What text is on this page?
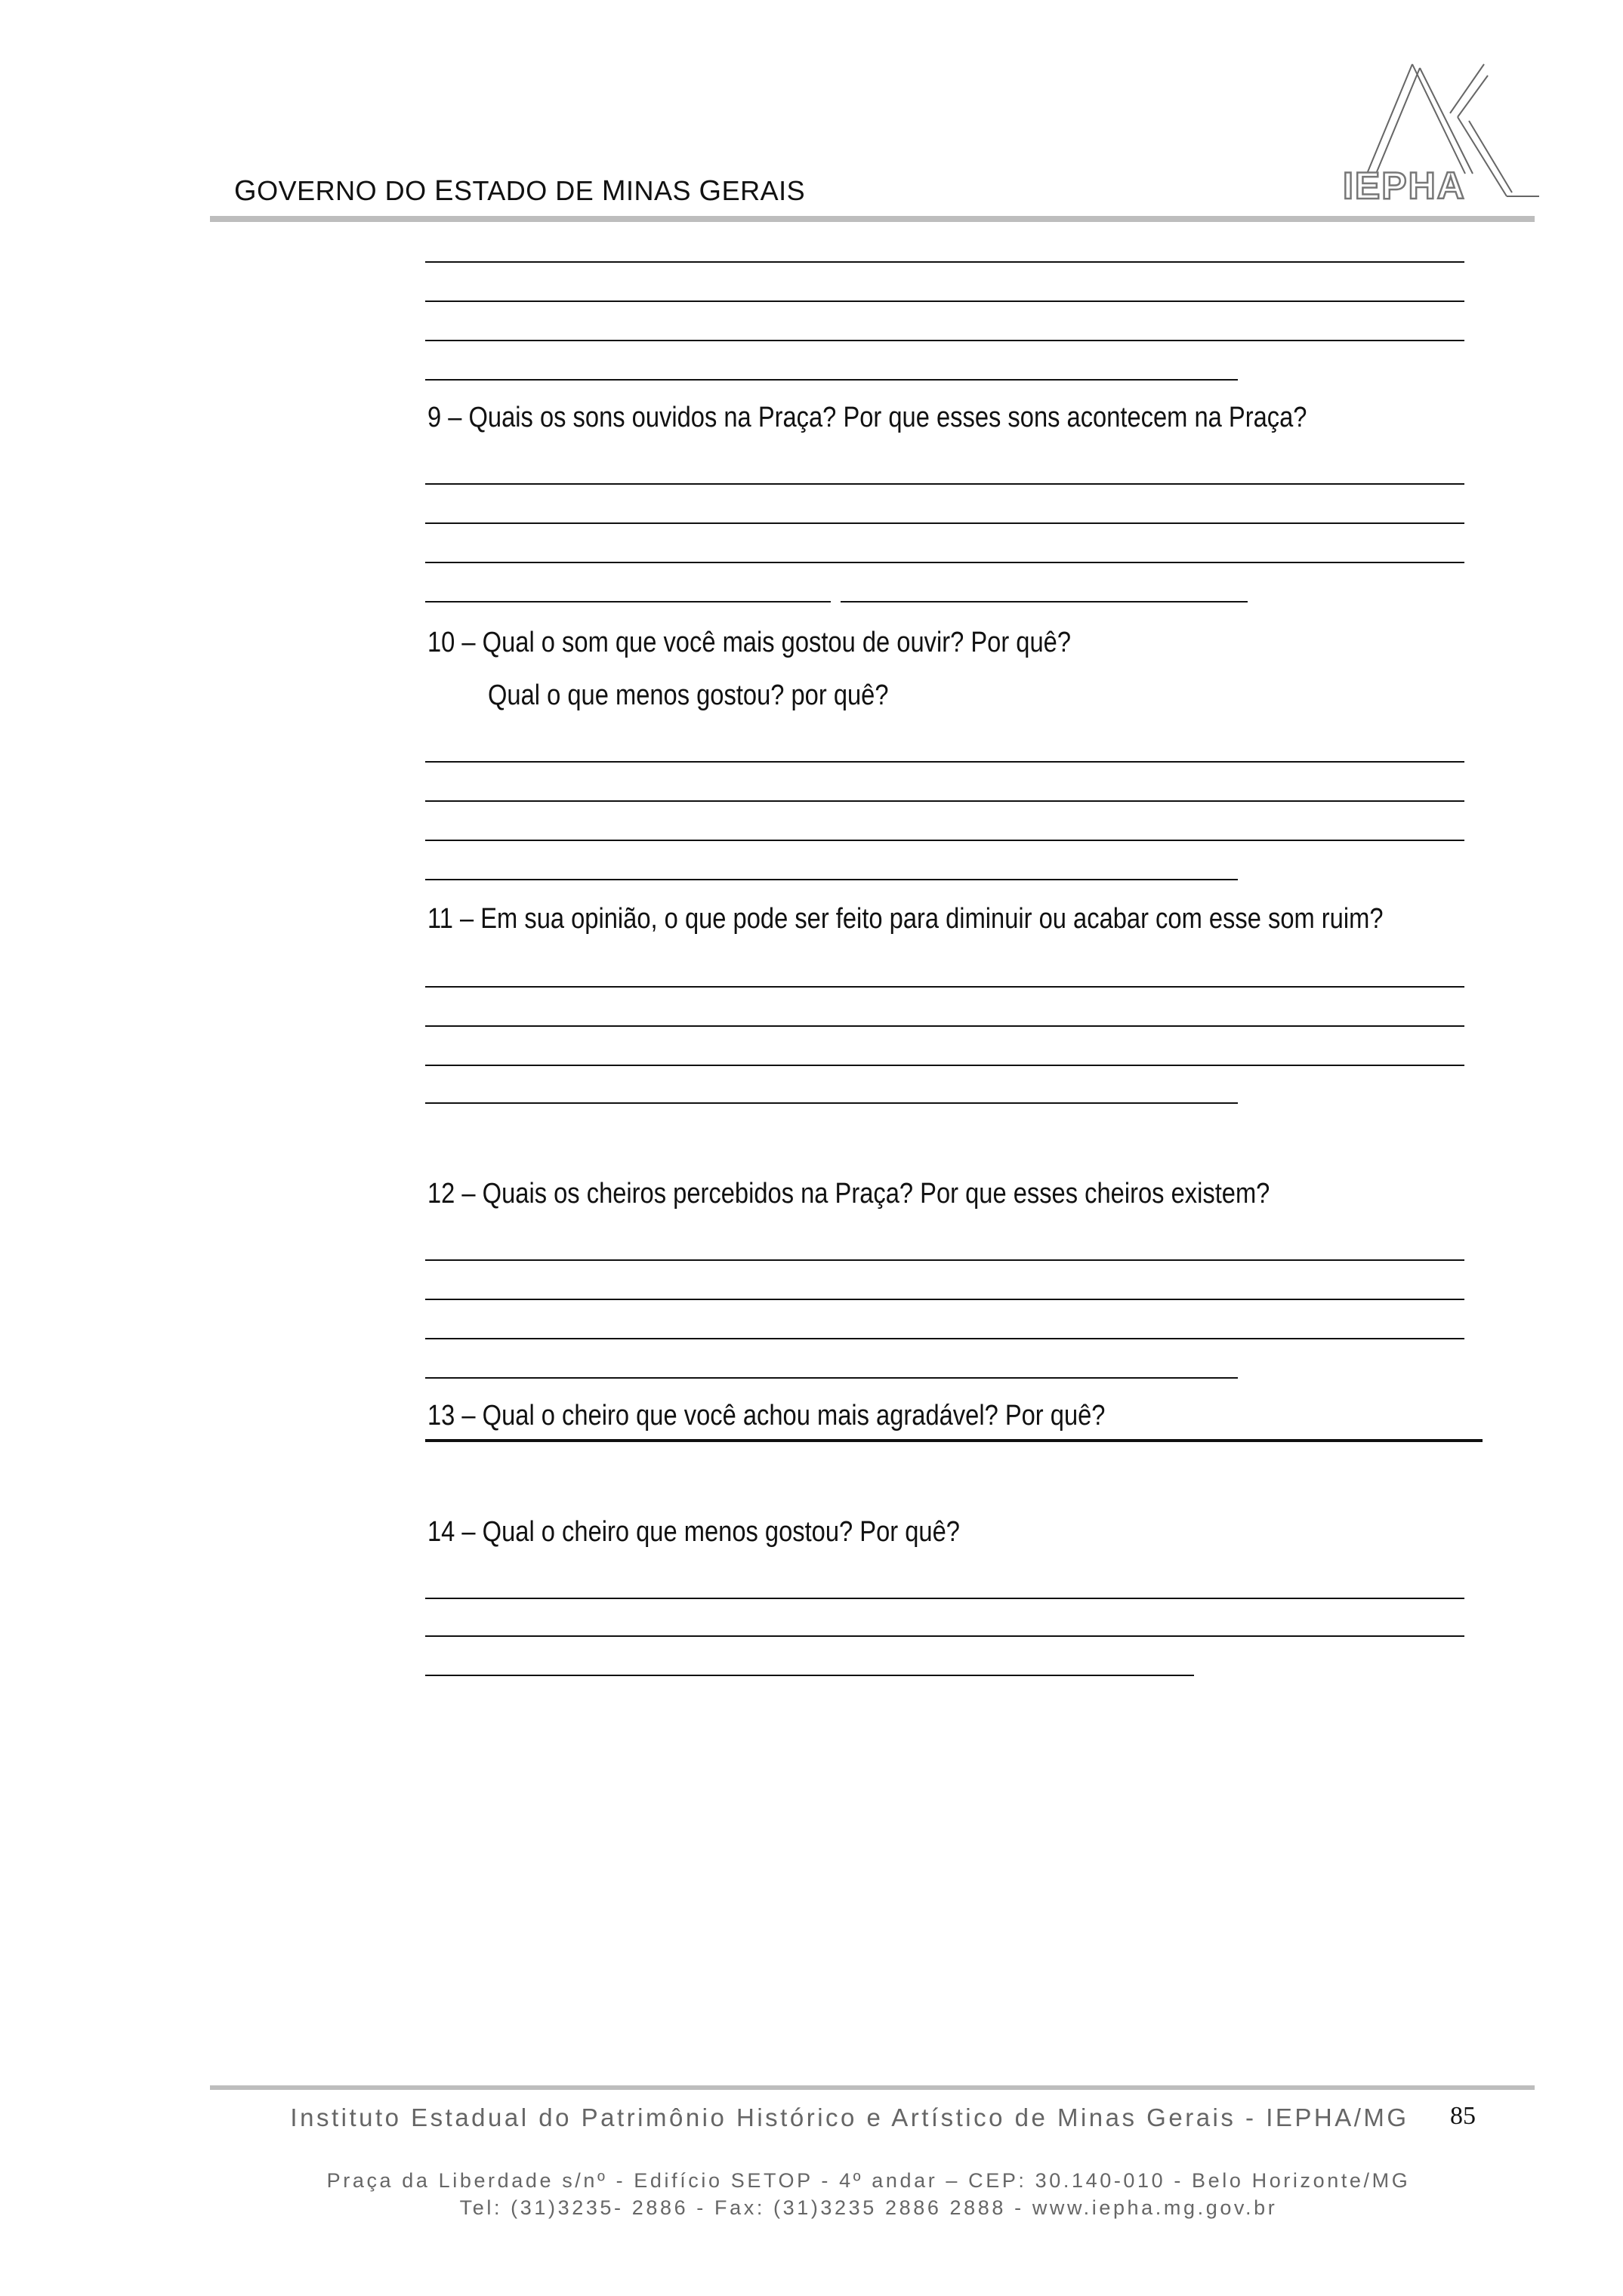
GOVERNO DO ESTADO DE MINAS GERAIS	IEPHA
9 – Quais os sons ouvidos na Praça? Por que esses sons acontecem na Praça?
10 – Qual o som que você mais gostou de ouvir? Por quê?
Qual o que menos gostou? por quê?
11 – Em sua opinião, o que pode ser feito para diminuir ou acabar com esse som ruim?
12 – Quais os cheiros percebidos na Praça? Por que esses cheiros existem?
13 – Qual o cheiro que você achou mais agradável? Por quê?
14 – Qual o cheiro que menos gostou? Por quê?
Instituto Estadual do Patrimônio Histórico e Artístico de Minas Gerais - IEPHA/MG	85
Praça da Liberdade s/nº - Edifício SETOP - 4º andar – CEP: 30.140-010 - Belo Horizonte/MG
Tel: (31)3235- 2886 - Fax: (31)3235 2886 2888 - www.iepha.mg.gov.br
